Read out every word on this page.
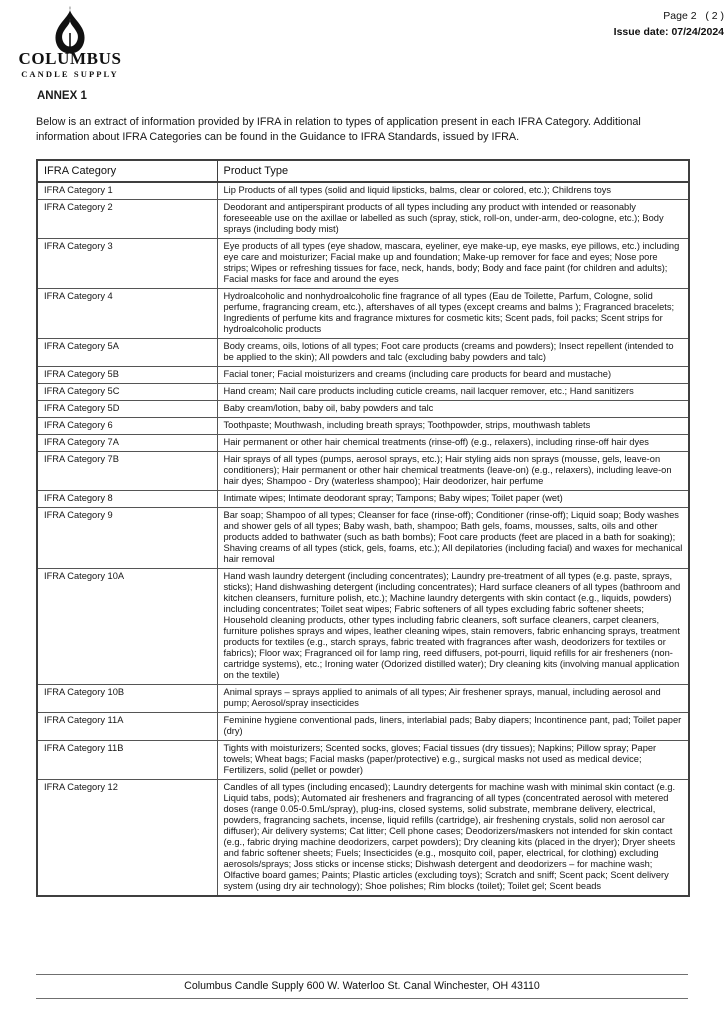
COLUMBUS
CANDLE SUPPLY
Page 2   ( 2 )
Issue date: 07/24/2024
ANNEX 1

Below is an extract of information provided by IFRA in relation to types of application present in each IFRA Category. Additional information about IFRA Categories can be found in the Guidance to IFRA Standards, issued by IFRA.

IFRA Category	Product Type
IFRA Category 1	Lip Products of all types (solid and liquid lipsticks, balms, clear or colored, etc.); Childrens toys
IFRA Category 2	Deodorant and antiperspirant products of all types including any product with intended or reasonably foreseeable use on the axillae or labelled as such (spray, stick, roll-on, under-arm, deo-cologne, etc.); Body sprays (including body mist)
IFRA Category 3	Eye products of all types (eye shadow, mascara, eyeliner, eye make-up, eye masks, eye pillows, etc.) including eye care and moisturizer; Facial make up and foundation; Make-up remover for face and eyes; Nose pore strips; Wipes or refreshing tissues for face, neck, hands, body; Body and face paint (for children and adults); Facial masks for face and around the eyes
IFRA Category 4	Hydroalcoholic and nonhydroalcoholic fine fragrance of all types (Eau de Toilette, Parfum, Cologne, solid perfume, fragrancing cream, etc.), aftershaves of all types (except creams and balms ); Fragranced bracelets; Ingredients of perfume kits and fragrance mixtures for cosmetic kits; Scent pads, foil packs; Scent strips for hydroalcoholic products
IFRA Category 5A	Body creams, oils, lotions of all types; Foot care products (creams and powders); Insect repellent (intended to be applied to the skin); All powders and talc (excluding baby powders and talc)
IFRA Category 5B	Facial toner; Facial moisturizers and creams (including care products for beard and mustache)
IFRA Category 5C	Hand cream; Nail care products including cuticle creams, nail lacquer remover, etc.; Hand sanitizers
IFRA Category 5D	Baby cream/lotion, baby oil, baby powders and talc
IFRA Category 6	Toothpaste; Mouthwash, including breath sprays; Toothpowder, strips, mouthwash tablets
IFRA Category 7A	Hair permanent or other hair chemical treatments (rinse-off) (e.g., relaxers), including rinse-off hair dyes
IFRA Category 7B	Hair sprays of all types (pumps, aerosol sprays, etc.); Hair styling aids non sprays (mousse, gels, leave-on conditioners); Hair permanent or other hair chemical treatments (leave-on) (e.g., relaxers), including leave-on hair dyes; Shampoo - Dry (waterless shampoo); Hair deodorizer, hair perfume
IFRA Category 8	Intimate wipes; Intimate deodorant spray; Tampons; Baby wipes; Toilet paper (wet)
IFRA Category 9	Bar soap; Shampoo of all types; Cleanser for face (rinse-off); Conditioner (rinse-off); Liquid soap; Body washes and shower gels of all types; Baby wash, bath, shampoo; Bath gels, foams, mousses, salts, oils and other products added to bathwater (such as bath bombs); Foot care products (feet are placed in a bath for soaking); Shaving creams of all types (stick, gels, foams, etc.); All depilatories (including facial) and waxes for mechanical hair removal
IFRA Category 10A	Hand wash laundry detergent (including concentrates); Laundry pre-treatment of all types (e.g. paste, sprays, sticks); Hand dishwashing detergent (including concentrates); Hard surface cleaners of all types (bathroom and kitchen cleansers, furniture polish, etc.); Machine laundry detergents with skin contact (e.g., liquids, powders) including concentrates; Toilet seat wipes; Fabric softeners of all types excluding fabric softener sheets; Household cleaning products, other types including fabric cleaners, soft surface cleaners, carpet cleaners, furniture polishes sprays and wipes, leather cleaning wipes, stain removers, fabric enhancing sprays, treatment products for textiles (e.g., starch sprays, fabric treated with fragrances after wash, deodorizers for textiles or fabrics); Floor wax; Fragranced oil for lamp ring, reed diffusers, pot-pourri, liquid refills for air fresheners (non-cartridge systems), etc.; Ironing water (Odorized distilled water); Dry cleaning kits (involving manual application on the textile)
IFRA Category 10B	Animal sprays – sprays applied to animals of all types; Air freshener sprays, manual, including aerosol and pump; Aerosol/spray insecticides
IFRA Category 11A	Feminine hygiene conventional pads, liners, interlabial pads; Baby diapers; Incontinence pant, pad; Toilet paper (dry)
IFRA Category 11B	Tights with moisturizers; Scented socks, gloves; Facial tissues (dry tissues); Napkins; Pillow spray; Paper towels; Wheat bags; Facial masks (paper/protective) e.g., surgical masks not used as medical device; Fertilizers, solid (pellet or powder)
IFRA Category 12	Candles of all types (including encased); Laundry detergents for machine wash with minimal skin contact (e.g. Liquid tabs, pods); Automated air fresheners and fragrancing of all types (concentrated aerosol with metered doses (range 0.05-0.5mL/spray), plug-ins, closed systems, solid substrate, membrane delivery, electrical, powders, fragrancing sachets, incense, liquid refills (cartridge), air freshening crystals, solid non aerosol car diffuser); Air delivery systems; Cat litter; Cell phone cases; Deodorizers/maskers not intended for skin contact (e.g., fabric drying machine deodorizers, carpet powders); Dry cleaning kits (placed in the dryer); Dryer sheets and fabric softener sheets; Fuels; Insecticides (e.g., mosquito coil, paper, electrical, for clothing) excluding aerosols/sprays; Joss sticks or incense sticks; Dishwash detergent and deodorizers – for machine wash; Olfactive board games; Paints; Plastic articles (excluding toys); Scratch and sniff; Scent pack; Scent delivery system (using dry air technology); Shoe polishes; Rim blocks (toilet); Toilet gel; Scent beads
Columbus Candle Supply 600 W. Waterloo St. Canal Winchester, OH 43110
